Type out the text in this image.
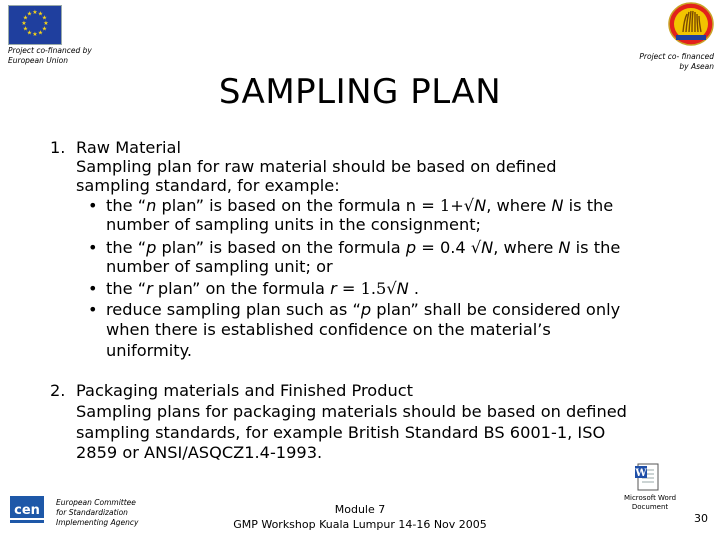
★ ★
★
★
★
★
★
★
★
★
★
★
Project co-financed by
European Union	Project co- financed
by Asean
SAMPLING PLAN
1. Raw Material
Sampling plan for raw material should be based on defined
sampling standard, for example:
• the “n plan” is based on the formula n = 1+√N, where N is the
number of sampling units in the consignment;
• the “p plan” is based on the formula p = 0.4 √N, where N is the
number of sampling unit; or
• the “r plan” on the formula r = 1.5√N .
• reduce sampling plan such as “p plan” shall be considered only
when there is established confidence on the material’s
uniformity.
2. Packaging materials and Finished Product
Sampling plans for packaging materials should be based on defined
sampling standards, for example British Standard BS 6001-1, ISO
2859 or ANSI/ASQCZ1.4-1993.
cen
European Committee
for Standardization
Implementing Agency
Module 7
GMP Workshop Kuala Lumpur 14-16 Nov 2005
W
Microsoft Word
Document
30
